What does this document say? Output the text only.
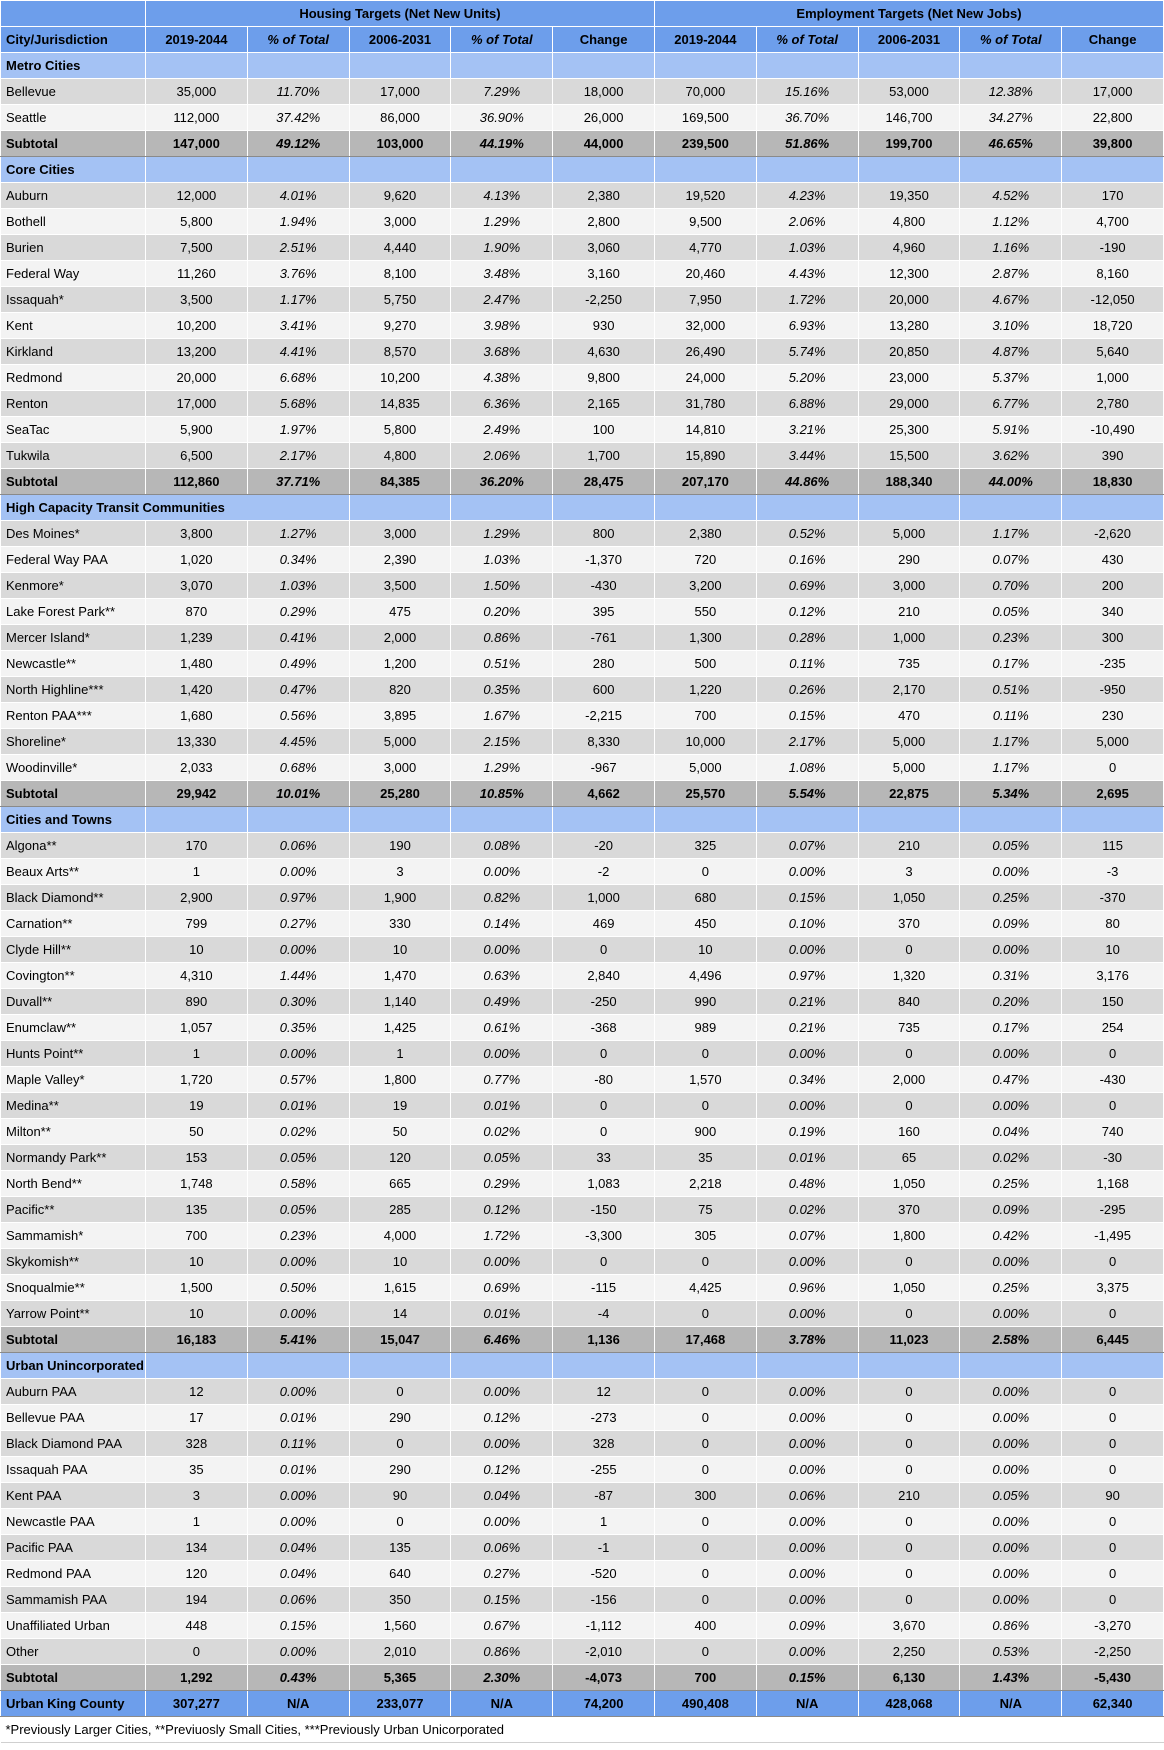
	Housing Targets (Net New Units)					Employment Targets (Net New Jobs)				
City/Jurisdiction	2019-2044	% of Total	2006-2031	% of Total	Change	2019-2044	% of Total	2006-2031	% of Total	Change
Metro Cities										
Bellevue	35,000	11.70%	17,000	7.29%	18,000	70,000	15.16%	53,000	12.38%	17,000
Seattle	112,000	37.42%	86,000	36.90%	26,000	169,500	36.70%	146,700	34.27%	22,800
Subtotal	147,000	49.12%	103,000	44.19%	44,000	239,500	51.86%	199,700	46.65%	39,800
Core Cities										
Auburn	12,000	4.01%	9,620	4.13%	2,380	19,520	4.23%	19,350	4.52%	170
Bothell	5,800	1.94%	3,000	1.29%	2,800	9,500	2.06%	4,800	1.12%	4,700
Burien	7,500	2.51%	4,440	1.90%	3,060	4,770	1.03%	4,960	1.16%	-190
Federal Way	11,260	3.76%	8,100	3.48%	3,160	20,460	4.43%	12,300	2.87%	8,160
Issaquah*	3,500	1.17%	5,750	2.47%	-2,250	7,950	1.72%	20,000	4.67%	-12,050
Kent	10,200	3.41%	9,270	3.98%	930	32,000	6.93%	13,280	3.10%	18,720
Kirkland	13,200	4.41%	8,570	3.68%	4,630	26,490	5.74%	20,850	4.87%	5,640
Redmond	20,000	6.68%	10,200	4.38%	9,800	24,000	5.20%	23,000	5.37%	1,000
Renton	17,000	5.68%	14,835	6.36%	2,165	31,780	6.88%	29,000	6.77%	2,780
SeaTac	5,900	1.97%	5,800	2.49%	100	14,810	3.21%	25,300	5.91%	-10,490
Tukwila	6,500	2.17%	4,800	2.06%	1,700	15,890	3.44%	15,500	3.62%	390
Subtotal	112,860	37.71%	84,385	36.20%	28,475	207,170	44.86%	188,340	44.00%	18,830
High Capacity Transit Communities										
Des Moines*	3,800	1.27%	3,000	1.29%	800	2,380	0.52%	5,000	1.17%	-2,620
Federal Way PAA	1,020	0.34%	2,390	1.03%	-1,370	720	0.16%	290	0.07%	430
Kenmore*	3,070	1.03%	3,500	1.50%	-430	3,200	0.69%	3,000	0.70%	200
Lake Forest Park**	870	0.29%	475	0.20%	395	550	0.12%	210	0.05%	340
Mercer Island*	1,239	0.41%	2,000	0.86%	-761	1,300	0.28%	1,000	0.23%	300
Newcastle**	1,480	0.49%	1,200	0.51%	280	500	0.11%	735	0.17%	-235
North Highline***	1,420	0.47%	820	0.35%	600	1,220	0.26%	2,170	0.51%	-950
Renton PAA***	1,680	0.56%	3,895	1.67%	-2,215	700	0.15%	470	0.11%	230
Shoreline*	13,330	4.45%	5,000	2.15%	8,330	10,000	2.17%	5,000	1.17%	5,000
Woodinville*	2,033	0.68%	3,000	1.29%	-967	5,000	1.08%	5,000	1.17%	0
Subtotal	29,942	10.01%	25,280	10.85%	4,662	25,570	5.54%	22,875	5.34%	2,695
Cities and Towns										
Algona**	170	0.06%	190	0.08%	-20	325	0.07%	210	0.05%	115
Beaux Arts**	1	0.00%	3	0.00%	-2	0	0.00%	3	0.00%	-3
Black Diamond**	2,900	0.97%	1,900	0.82%	1,000	680	0.15%	1,050	0.25%	-370
Carnation**	799	0.27%	330	0.14%	469	450	0.10%	370	0.09%	80
Clyde Hill**	10	0.00%	10	0.00%	0	10	0.00%	0	0.00%	10
Covington**	4,310	1.44%	1,470	0.63%	2,840	4,496	0.97%	1,320	0.31%	3,176
Duvall**	890	0.30%	1,140	0.49%	-250	990	0.21%	840	0.20%	150
Enumclaw**	1,057	0.35%	1,425	0.61%	-368	989	0.21%	735	0.17%	254
Hunts Point**	1	0.00%	1	0.00%	0	0	0.00%	0	0.00%	0
Maple Valley*	1,720	0.57%	1,800	0.77%	-80	1,570	0.34%	2,000	0.47%	-430
Medina**	19	0.01%	19	0.01%	0	0	0.00%	0	0.00%	0
Milton**	50	0.02%	50	0.02%	0	900	0.19%	160	0.04%	740
Normandy Park**	153	0.05%	120	0.05%	33	35	0.01%	65	0.02%	-30
North Bend**	1,748	0.58%	665	0.29%	1,083	2,218	0.48%	1,050	0.25%	1,168
Pacific**	135	0.05%	285	0.12%	-150	75	0.02%	370	0.09%	-295
Sammamish*	700	0.23%	4,000	1.72%	-3,300	305	0.07%	1,800	0.42%	-1,495
Skykomish**	10	0.00%	10	0.00%	0	0	0.00%	0	0.00%	0
Snoqualmie**	1,500	0.50%	1,615	0.69%	-115	4,425	0.96%	1,050	0.25%	3,375
Yarrow Point**	10	0.00%	14	0.01%	-4	0	0.00%	0	0.00%	0
Subtotal	16,183	5.41%	15,047	6.46%	1,136	17,468	3.78%	11,023	2.58%	6,445
Urban Unincorporated										
Auburn PAA	12	0.00%	0	0.00%	12	0	0.00%	0	0.00%	0
Bellevue PAA	17	0.01%	290	0.12%	-273	0	0.00%	0	0.00%	0
Black Diamond PAA	328	0.11%	0	0.00%	328	0	0.00%	0	0.00%	0
Issaquah PAA	35	0.01%	290	0.12%	-255	0	0.00%	0	0.00%	0
Kent PAA	3	0.00%	90	0.04%	-87	300	0.06%	210	0.05%	90
Newcastle PAA	1	0.00%	0	0.00%	1	0	0.00%	0	0.00%	0
Pacific PAA	134	0.04%	135	0.06%	-1	0	0.00%	0	0.00%	0
Redmond PAA	120	0.04%	640	0.27%	-520	0	0.00%	0	0.00%	0
Sammamish PAA	194	0.06%	350	0.15%	-156	0	0.00%	0	0.00%	0
Unaffiliated Urban	448	0.15%	1,560	0.67%	-1,112	400	0.09%	3,670	0.86%	-3,270
Other	0	0.00%	2,010	0.86%	-2,010	0	0.00%	2,250	0.53%	-2,250
Subtotal	1,292	0.43%	5,365	2.30%	-4,073	700	0.15%	6,130	1.43%	-5,430
Urban King County	307,277	N/A	233,077	N/A	74,200	490,408	N/A	428,068	N/A	62,340
*Previously Larger Cities, **Previuosly Small Cities, ***Previously Urban Unicorporated										
